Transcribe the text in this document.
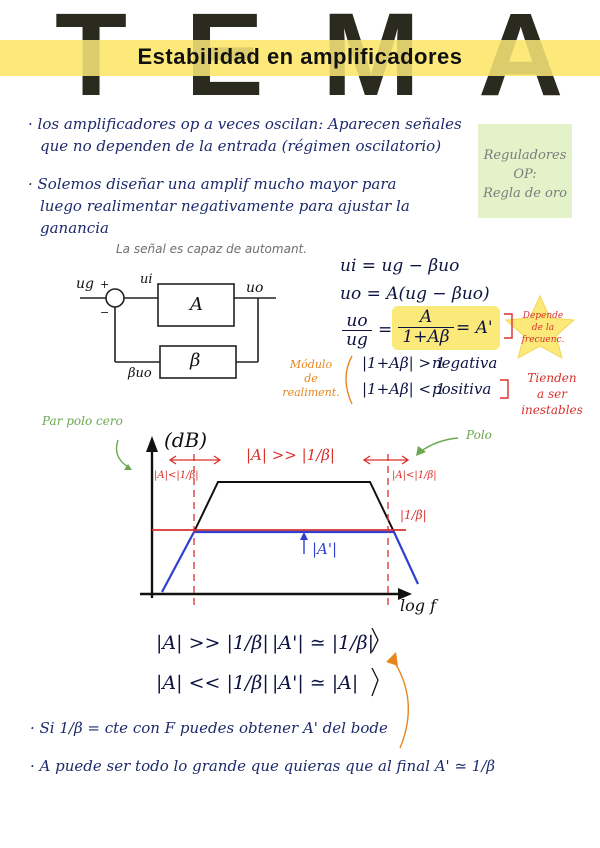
Estabilidad en amplificadores
· los amplificadores op a veces oscilan: Aparecen señales
que no dependen de la entrada (régimen oscilatorio)
· Solemos diseñar una amplif mucho mayor para
luego realimentar negativamente para ajustar la
ganancia
La señal es capaz de automant.
Reguladores
OP:
Regla de oro
ug +
−
ui
A
uo
β
βuo
ui = ug − βuo
uo = A(ug − βuo)
$\frac{uo}{ug} = \frac{A}{1+A\beta} = A'$
Depende
de la
frecuenc.
Módulo
de
realiment.
|1+Aβ| > 1
negativa
|1+Aβ| < 1
positiva
Tienden
a ser
inestables
Par polo cero
Polo
(dB)
log f
|A| >> |1/β|
|A|<|1/β|	|A|<|1/β|
|1/β|
|A'|
|A| >> |1/β| |A'| ≃ |1/β|
|A| << |1/β| |A'| ≃ |A|
· Si 1/β = cte con F puedes obtener A' del bode
· A puede ser todo lo grande que quieras que al final A' ≃ 1/β
